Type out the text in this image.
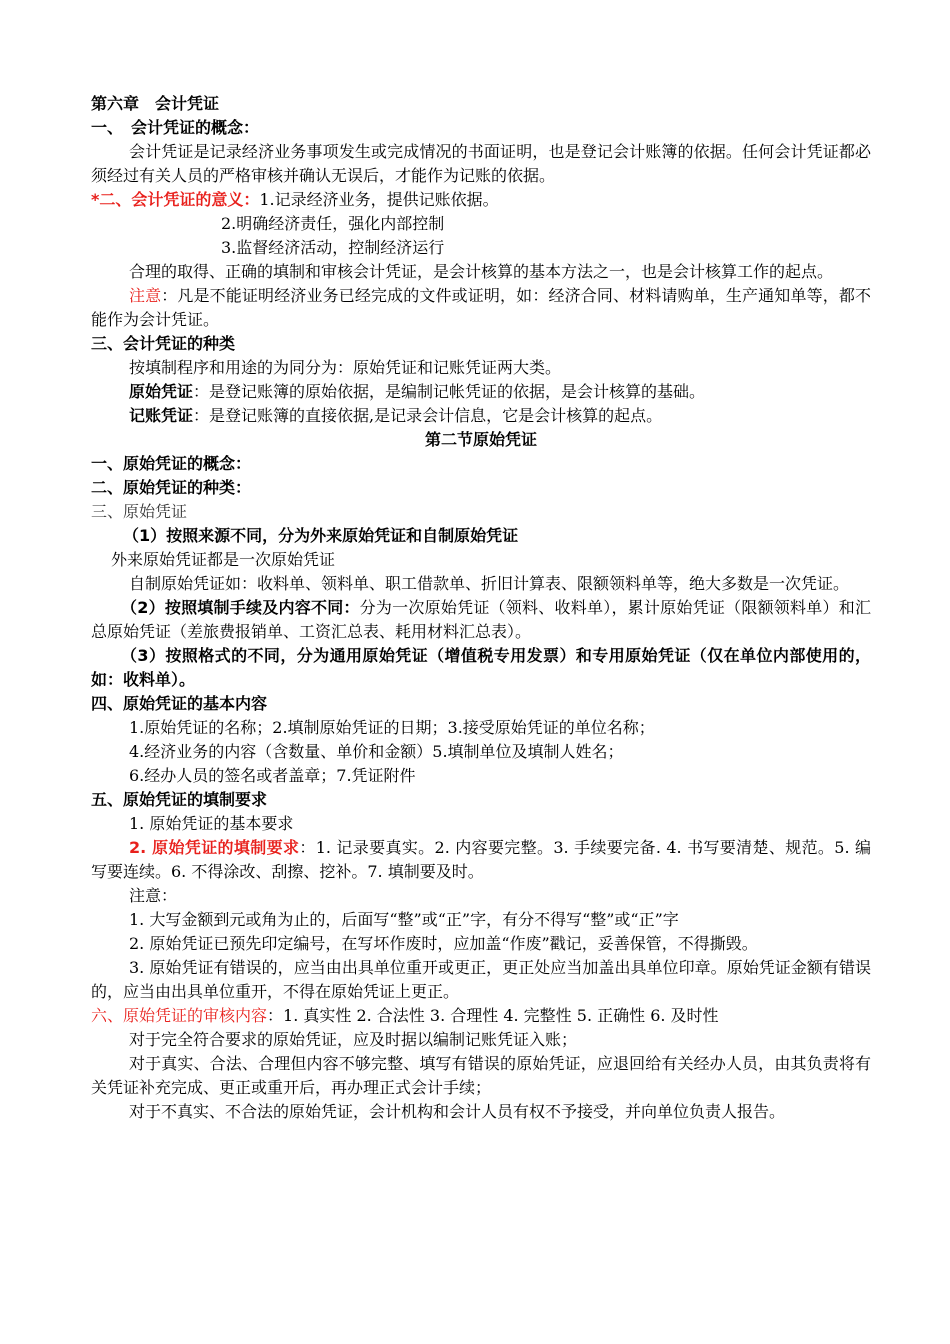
第六章　会计凭证
一、　会计凭证的概念：
会计凭证是记录经济业务事项发生或完成情况的书面证明，也是登记会计账簿的依据。任何会计凭证都必须经过有关人员的严格审核并确认无误后，才能作为记账的依据。
*二、会计凭证的意义：1.记录经济业务，提供记账依据。
2.明确经济责任，强化内部控制
3.监督经济活动，控制经济运行
合理的取得、正确的填制和审核会计凭证，是会计核算的基本方法之一，也是会计核算工作的起点。
注意：凡是不能证明经济业务已经完成的文件或证明，如：经济合同、材料请购单，生产通知单等，都不能作为会计凭证。
三、会计凭证的种类
按填制程序和用途的为同分为：原始凭证和记账凭证两大类。
原始凭证：是登记账簿的原始依据，是编制记帐凭证的依据，是会计核算的基础。
记账凭证：是登记账簿的直接依据,是记录会计信息，它是会计核算的起点。
第二节原始凭证
一、原始凭证的概念：
二、原始凭证的种类：
三、原始凭证
（1）按照来源不同，分为外来原始凭证和自制原始凭证
外来原始凭证都是一次原始凭证
自制原始凭证如：收料单、领料单、职工借款单、折旧计算表、限额领料单等，绝大多数是一次凭证。
（2）按照填制手续及内容不同：分为一次原始凭证（领料、收料单），累计原始凭证（限额领料单）和汇总原始凭证（差旅费报销单、工资汇总表、耗用材料汇总表）。
（3）按照格式的不同，分为通用原始凭证（增值税专用发票）和专用原始凭证（仅在单位内部使用的，如：收料单）。
四、原始凭证的基本内容
1.原始凭证的名称；2.填制原始凭证的日期；3.接受原始凭证的单位名称；
4.经济业务的内容（含数量、单价和金额）5.填制单位及填制人姓名；
6.经办人员的签名或者盖章；7.凭证附件
五、原始凭证的填制要求
1. 原始凭证的基本要求
2. 原始凭证的填制要求：1. 记录要真实。2. 内容要完整。3. 手续要完备. 4. 书写要清楚、规范。5. 编写要连续。6. 不得涂改、刮擦、挖补。7. 填制要及时。
注意：
1. 大写金额到元或角为止的，后面写“整”或“正”字，有分不得写“整”或“正”字
2. 原始凭证已预先印定编号，在写坏作废时，应加盖“作废”戳记，妥善保管，不得撕毁。
3. 原始凭证有错误的，应当由出具单位重开或更正，更正处应当加盖出具单位印章。原始凭证金额有错误的，应当由出具单位重开，不得在原始凭证上更正。
六、原始凭证的审核内容：1. 真实性 2. 合法性 3. 合理性 4. 完整性 5. 正确性 6. 及时性
对于完全符合要求的原始凭证，应及时据以编制记账凭证入账；
对于真实、合法、合理但内容不够完整、填写有错误的原始凭证，应退回给有关经办人员，由其负责将有关凭证补充完成、更正或重开后，再办理正式会计手续；
对于不真实、不合法的原始凭证，会计机构和会计人员有权不予接受，并向单位负责人报告。
